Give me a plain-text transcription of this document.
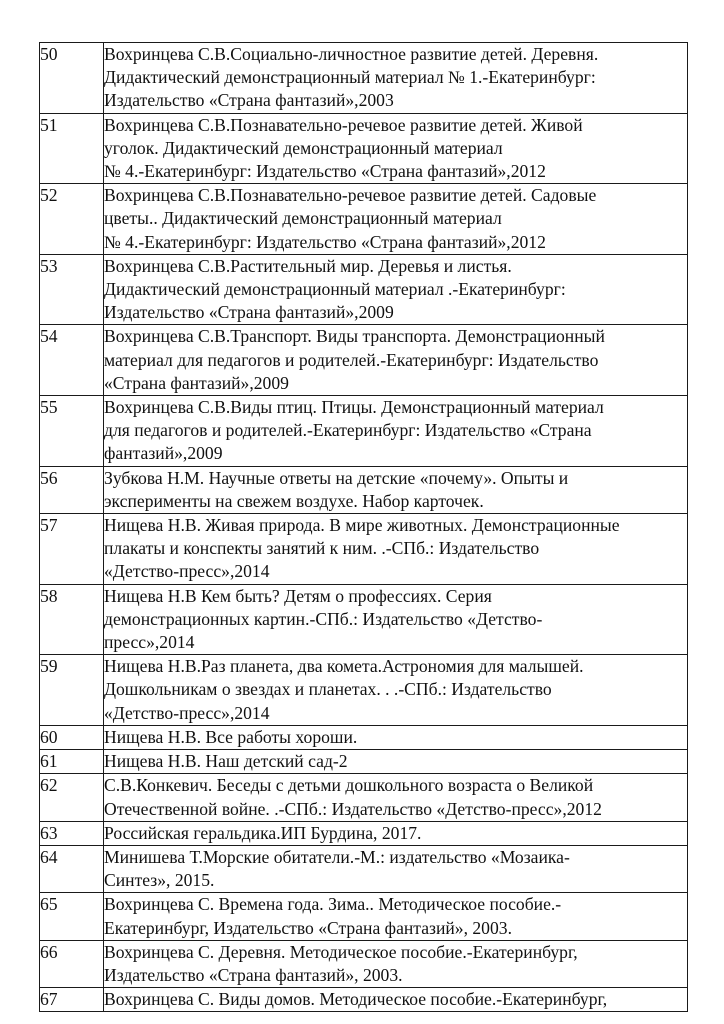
50	Вохринцева С.В.Социально-личностное развитие детей. Деревня.
Дидактический демонстрационный материал № 1.-Екатеринбург:
Издательство «Страна фантазий»,2003

51	Вохринцева С.В.Познавательно-речевое развитие детей. Живой
уголок. Дидактический демонстрационный материал
№ 4.-Екатеринбург: Издательство «Страна фантазий»,2012

52	Вохринцева С.В.Познавательно-речевое развитие детей. Садовые
цветы.. Дидактический демонстрационный материал
№ 4.-Екатеринбург: Издательство «Страна фантазий»,2012

53	Вохринцева С.В.Растительный мир. Деревья и листья.
Дидактический демонстрационный материал .-Екатеринбург:
Издательство «Страна фантазий»,2009

54	Вохринцева С.В.Транспорт. Виды транспорта. Демонстрационный
материал для педагогов и родителей.-Екатеринбург: Издательство
«Страна фантазий»,2009

55	Вохринцева С.В.Виды птиц. Птицы. Демонстрационный материал
для педагогов и родителей.-Екатеринбург: Издательство «Страна
фантазий»,2009

56	Зубкова Н.М. Научные ответы на детские «почему». Опыты и
эксперименты на свежем воздухе. Набор карточек.

57	Нищева Н.В. Живая природа. В мире животных. Демонстрационные
плакаты и конспекты занятий к ним. .-СПб.: Издательство
«Детство-пресс»,2014

58	Нищева Н.В Кем быть? Детям о профессиях. Серия
демонстрационных картин.-СПб.: Издательство «Детство-
пресс»,2014

59	Нищева Н.В.Раз планета, два комета.Астрономия для малышей.
Дошкольникам о звездах и планетах. . .-СПб.: Издательство
«Детство-пресс»,2014

60	Нищева Н.В. Все работы хороши.

61	Нищева Н.В. Наш детский сад-2

62	С.В.Конкевич. Беседы с детьми дошкольного возраста о Великой
Отечественной войне. .-СПб.: Издательство «Детство-пресс»,2012

63	Российская геральдика.ИП Бурдина, 2017.

64	Минишева Т.Морские обитатели.-М.: издательство «Мозаика-
Синтез», 2015.

65	Вохринцева С. Времена года. Зима.. Методическое пособие.-
Екатеринбург, Издательство «Страна фантазий», 2003.

66	Вохринцева С. Деревня. Методическое пособие.-Екатеринбург,
Издательство «Страна фантазий», 2003.

67	Вохринцева С. Виды домов. Методическое пособие.-Екатеринбург,
